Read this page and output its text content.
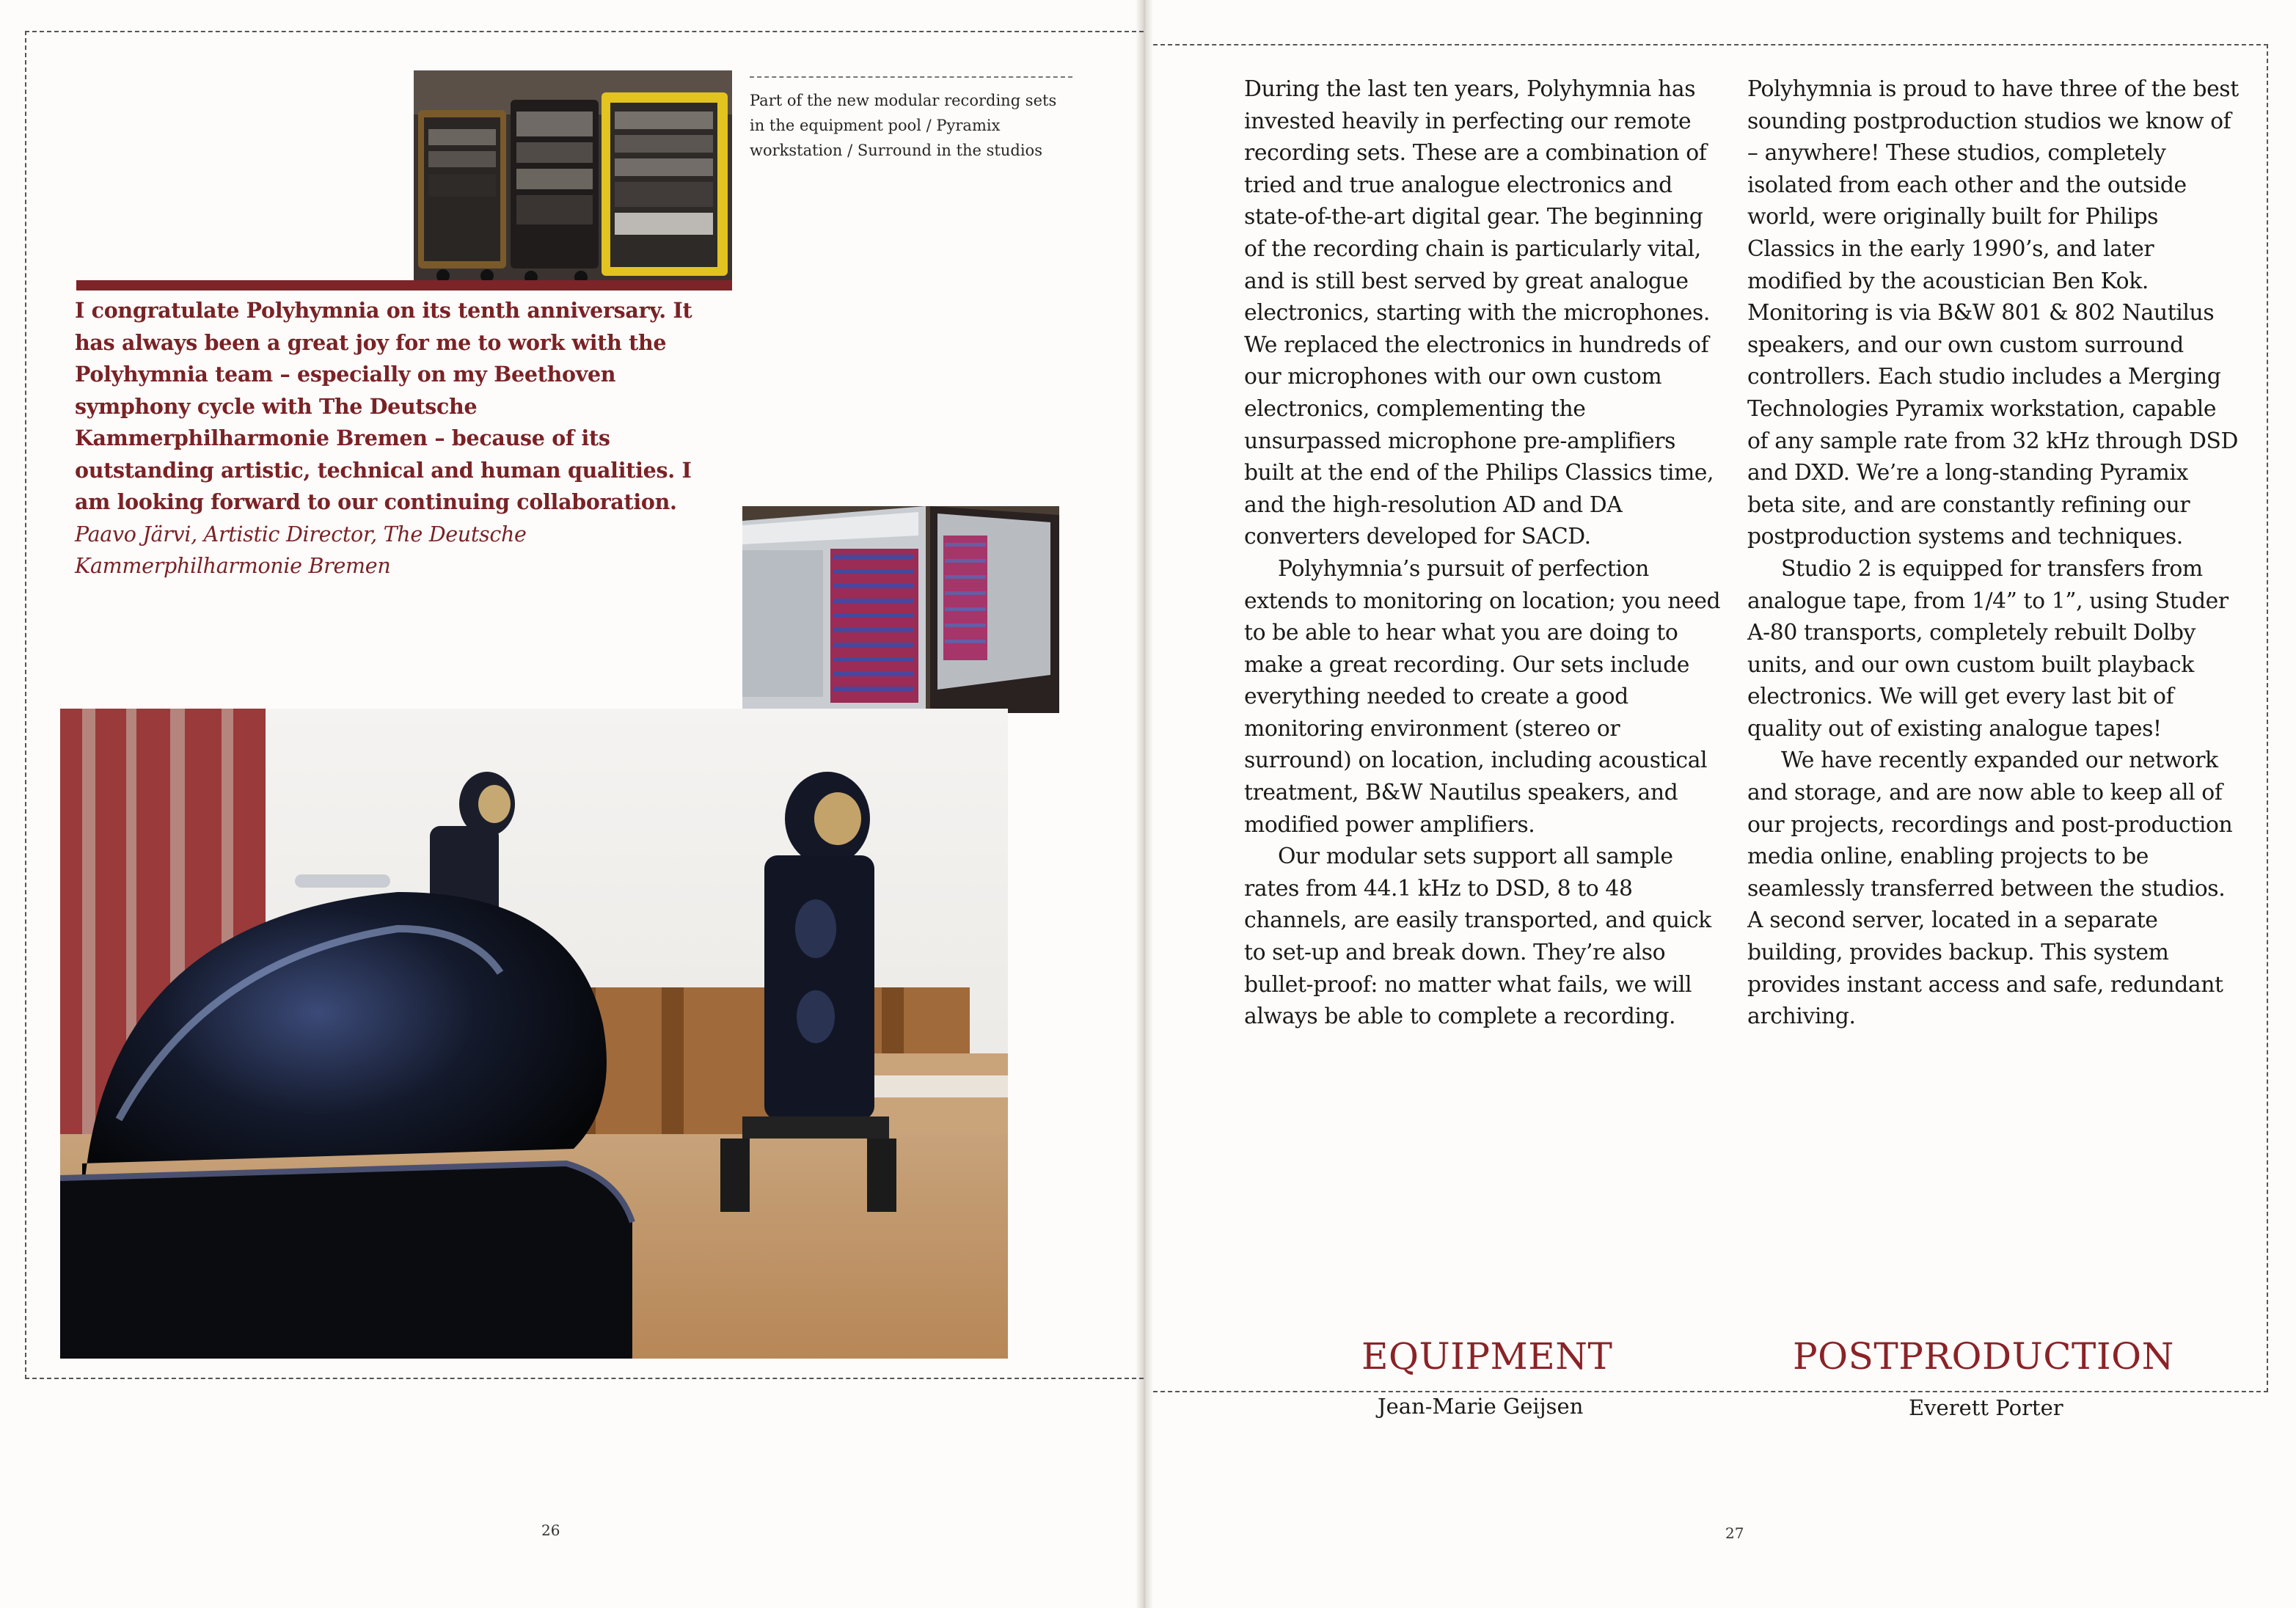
Part of the new modular recording sets in the equipment pool / Pyramix workstation / Surround in the studios
I congratulate Polyhymnia on its tenth anniversary. It has always been a great joy for me to work with the Polyhymnia team – especially on my Beethoven symphony cycle with The Deutsche Kammerphilharmonie Bremen – because of its outstanding artistic, technical and human qualities. I am looking forward to our continuing collaboration. Paavo Järvi, Artistic Director, The Deutsche Kammerphilharmonie Bremen
26

During the last ten years, Polyhymnia has invested heavily in perfecting our remote recording sets. These are a combination of tried and true analogue electronics and state-of-the-art digital gear. The beginning of the recording chain is particularly vital, and is still best served by great analogue electronics, starting with the microphones. We replaced the electronics in hundreds of our microphones with our own custom electronics, complementing the unsurpassed microphone pre-amplifiers built at the end of the Philips Classics time, and the high-resolution AD and DA converters developed for SACD.

Polyhymnia’s pursuit of perfection extends to monitoring on location; you need to be able to hear what you are doing to make a great recording. Our sets include everything needed to create a good monitoring environment (stereo or surround) on location, including acoustical treatment, B&W Nautilus speakers, and modified power amplifiers.

Our modular sets support all sample rates from 44.1 kHz to DSD, 8 to 48 channels, are easily transported, and quick to set-up and break down. They’re also bullet-proof: no matter what fails, we will always be able to complete a recording.

Polyhymnia is proud to have three of the best sounding postproduction studios we know of – anywhere! These studios, completely isolated from each other and the outside world, were originally built for Philips Classics in the early 1990’s, and later modified by the acoustician Ben Kok. Monitoring is via B&W 801 & 802 Nautilus speakers, and our own custom surround controllers. Each studio includes a Merging Technologies Pyramix workstation, capable of any sample rate from 32 kHz through DSD and DXD. We’re a long-standing Pyramix beta site, and are constantly refining our postproduction systems and techniques.

Studio 2 is equipped for transfers from analogue tape, from 1/4” to 1”, using Studer A-80 transports, completely rebuilt Dolby units, and our own custom built playback electronics. We will get every last bit of quality out of existing analogue tapes!

We have recently expanded our network and storage, and are now able to keep all of our projects, recordings and post-production media online, enabling projects to be seamlessly transferred between the studios. A second server, located in a separate building, provides backup. This system provides instant access and safe, redundant archiving.

EQUIPMENT	POSTPRODUCTION
Jean-Marie Geijsen	Everett Porter
27
